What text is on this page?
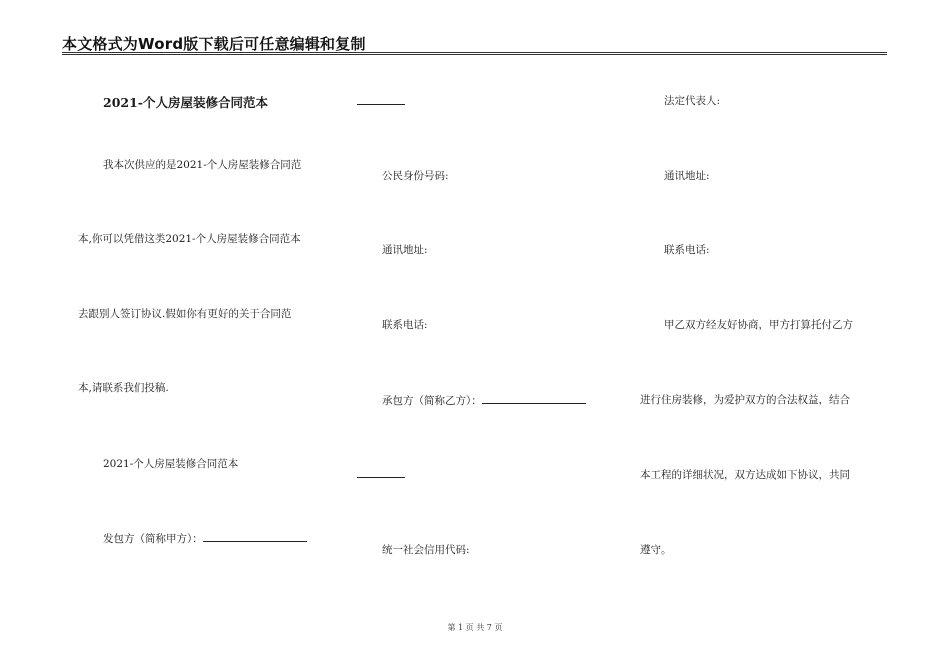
本文格式为Word版下载后可任意编辑和复制
2021-个人房屋装修合同范本
我本次供应的是2021-个人房屋装修合同范
本,你可以凭借这类2021-个人房屋装修合同范本
去跟别人签订协议.假如你有更好的关于合同范
本,请联系我们投稿.
2021-个人房屋装修合同范本
发包方（简称甲方）：
公民身份号码:
通讯地址:
联系电话:
承包方（简称乙方）：
统一社会信用代码:
法定代表人:
通讯地址:
联系电话:
甲乙双方经友好协商，甲方打算托付乙方
进行住房装修，为爱护双方的合法权益，结合
本工程的详细状况，双方达成如下协议，共同
遵守。
第 1 页 共 7 页
